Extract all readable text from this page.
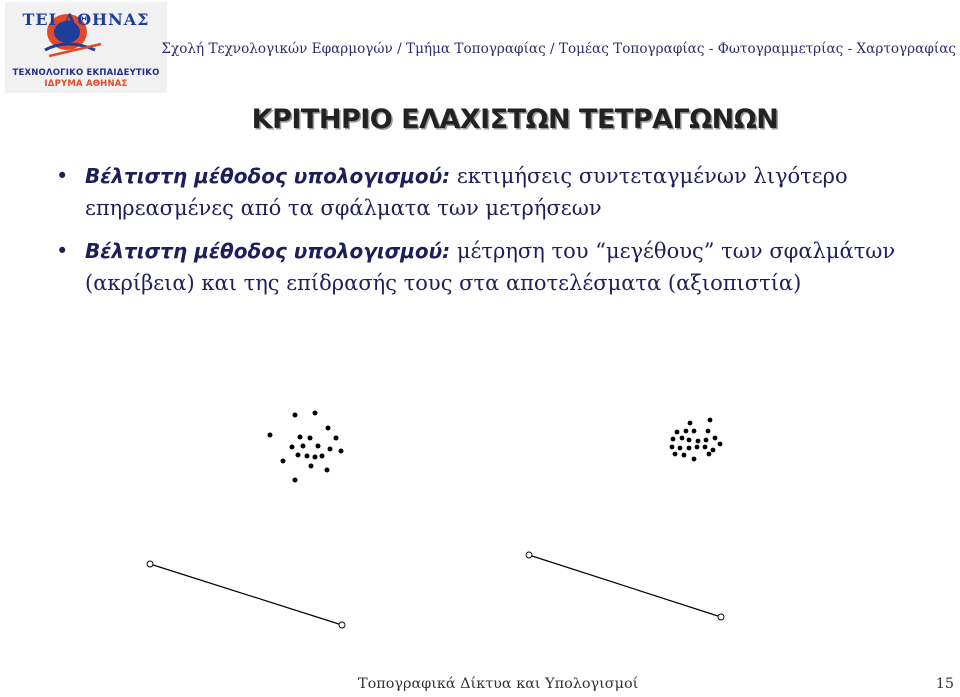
ΤΕΙ ΑΘΗΝΑΣ
ΤΕΧΝΟΛΟΓΙΚΟ ΕΚΠΑΙΔΕΥΤΙΚΟ
ΙΔΡΥΜΑ ΑΘΗΝΑΣ
Σχολή Τεχνολογικών Εφαρμογών / Τμήμα Τοπογραφίας / Τομέας Τοπογραφίας - Φωτογραμμετρίας - Χαρτογραφίας
ΚΡΙΤΗΡΙΟ ΕΛΑΧΙΣΤΩΝ ΤΕΤΡΑΓΩΝΩΝ
• Βέλτιστη μέθοδος υπολογισμού: εκτιμήσεις συντεταγμένων λιγότερο επηρεασμένες από τα σφάλματα των μετρήσεων
• Βέλτιστη μέθοδος υπολογισμού: μέτρηση του “μεγέθους” των σφαλμάτων (ακρίβεια) και της επίδρασής τους στα αποτελέσματα (αξιοπιστία)
Τοπογραφικά Δίκτυα και Υπολογισμοί	15
